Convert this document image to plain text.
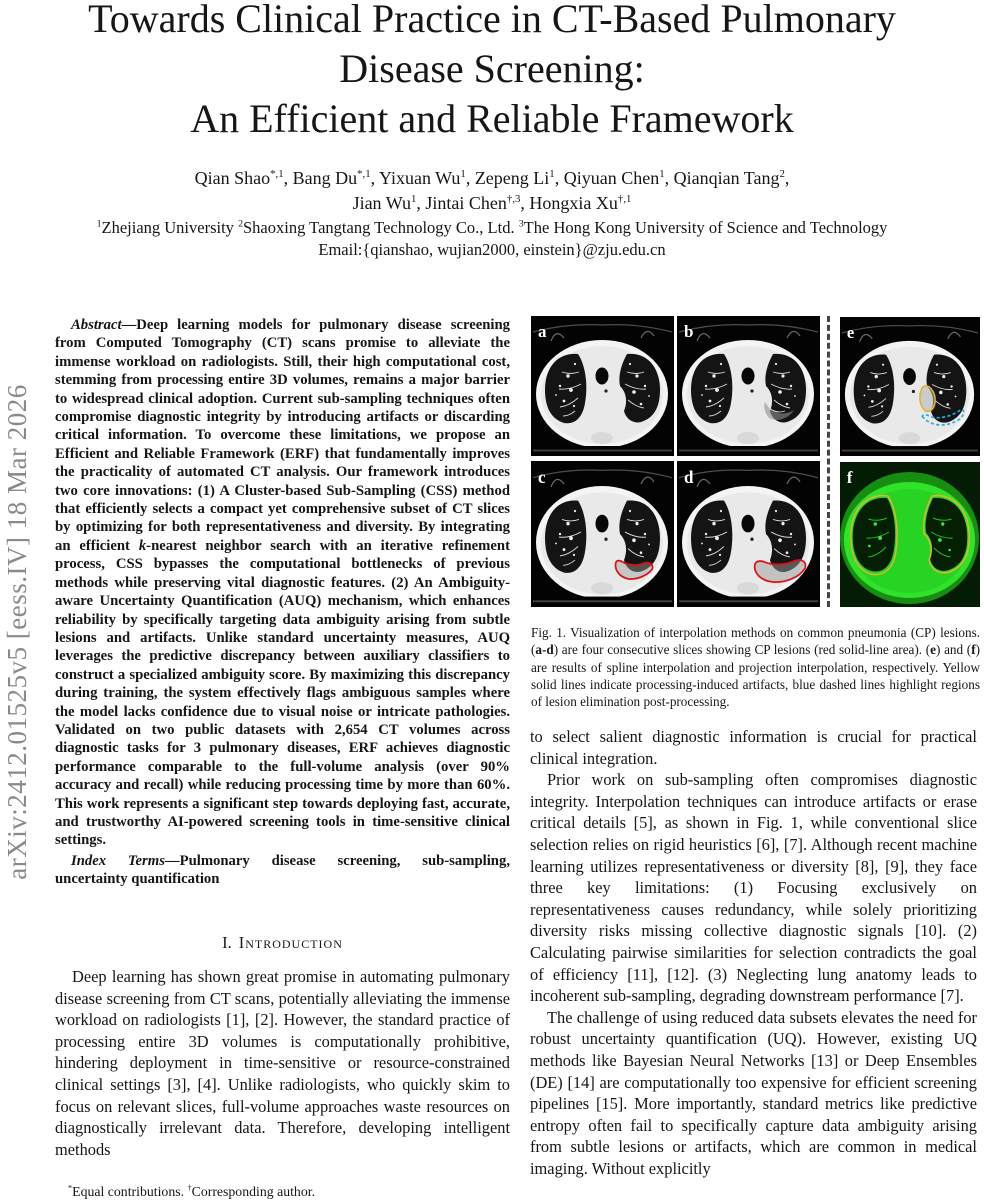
arXiv:2412.01525v5 [eess.IV] 18 Mar 2026
Towards Clinical Practice in CT-Based Pulmonary
Disease Screening:
An Efficient and Reliable Framework
Qian Shao$^{*,1}$, Bang $Du^{*,1}$, Yixuan Wu$^1$, Zepeng Li$^1$, Qiyuan Chen$^1$, Qianqian Tang$^2$,
Jian Wu$^1$, Jintai Chen$^{\dagger,3}$, Hongxia $Xu^{\dagger,1}$
$^1$Zhejiang University $^2$Shaoxing Tangtang Technology Co., Ltd. $^3$The Hong Kong University of Science and Technology
Email:{qianshao, wujian2000, einstein}@zju.edu.cn

Abstract—Deep learning models for pulmonary disease screening from Computed Tomography (CT) scans promise to alleviate the immense workload on radiologists. Still, their high computational cost, stemming from processing entire 3D volumes, remains a major barrier to widespread clinical adoption. Current sub-sampling techniques often compromise diagnostic integrity by introducing artifacts or discarding critical information. To overcome these limitations, we propose an Efficient and Reliable Framework (ERF) that fundamentally improves the practicality of automated CT analysis. Our framework introduces two core innovations: (1) A Cluster-based Sub-Sampling (CSS) method that efficiently selects a compact yet comprehensive subset of CT slices by optimizing for both representativeness and diversity. By integrating an efficient k-nearest neighbor search with an iterative refinement process, CSS bypasses the computational bottlenecks of previous methods while preserving vital diagnostic features. (2) An Ambiguity-aware Uncertainty Quantification (AUQ) mechanism, which enhances reliability by specifically targeting data ambiguity arising from subtle lesions and artifacts. Unlike standard uncertainty measures, AUQ leverages the predictive discrepancy between auxiliary classifiers to construct a specialized ambiguity score. By maximizing this discrepancy during training, the system effectively flags ambiguous samples where the model lacks confidence due to visual noise or intricate pathologies. Validated on two public datasets with 2,654 CT volumes across diagnostic tasks for 3 pulmonary diseases, ERF achieves diagnostic performance comparable to the full-volume analysis (over 90% accuracy and recall) while reducing processing time by more than 60%. This work represents a significant step towards deploying fast, accurate, and trustworthy AI-powered screening tools in time-sensitive clinical settings.

Index Terms—Pulmonary disease screening, sub-sampling, uncertainty quantification

I. Introduction

Deep learning has shown great promise in automating pulmonary disease screening from CT scans, potentially alleviating the immense workload on radiologists [1], [2]. However, the standard practice of processing entire 3D volumes is computationally prohibitive, hindering deployment in time-sensitive or resource-constrained clinical settings [3], [4]. Unlike radiologists, who quickly skim to focus on relevant slices, full-volume approaches waste resources on diagnostically irrelevant data. Therefore, developing intelligent methods

*Equal contributions. †Corresponding author.
a	b	e
c	d	f
Fig. 1. Visualization of interpolation methods on common pneumonia (CP) lesions. (a-d) are four consecutive slices showing CP lesions (red solid-line area). (e) and (f) are results of spline interpolation and projection interpolation, respectively. Yellow solid lines indicate processing-induced artifacts, blue dashed lines highlight regions of lesion elimination post-processing.

to select salient diagnostic information is crucial for practical clinical integration.

Prior work on sub-sampling often compromises diagnostic integrity. Interpolation techniques can introduce artifacts or erase critical details [5], as shown in Fig. 1, while conventional slice selection relies on rigid heuristics [6], [7]. Although recent machine learning utilizes representativeness or diversity [8], [9], they face three key limitations: (1) Focusing exclusively on representativeness causes redundancy, while solely prioritizing diversity risks missing collective diagnostic signals [10]. (2) Calculating pairwise similarities for selection contradicts the goal of efficiency [11], [12]. (3) Neglecting lung anatomy leads to incoherent sub-sampling, degrading downstream performance [7].

The challenge of using reduced data subsets elevates the need for robust uncertainty quantification (UQ). However, existing UQ methods like Bayesian Neural Networks [13] or Deep Ensembles (DE) [14] are computationally too expensive for efficient screening pipelines [15]. More importantly, standard metrics like predictive entropy often fail to specifically capture data ambiguity arising from subtle lesions or artifacts, which are common in medical imaging. Without explicitly
